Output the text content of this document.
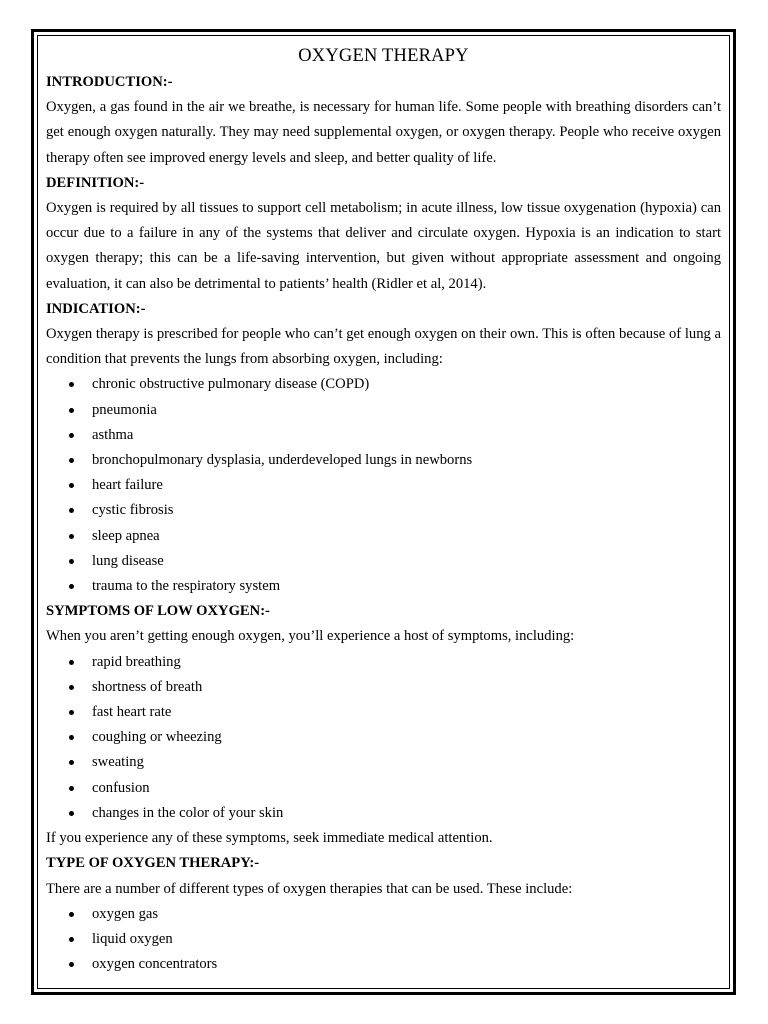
OXYGEN THERAPY

INTRODUCTION:-

Oxygen, a gas found in the air we breathe, is necessary for human life. Some people with breathing disorders can’t get enough oxygen naturally. They may need supplemental oxygen, or oxygen therapy. People who receive oxygen therapy often see improved energy levels and sleep, and better quality of life.

DEFINITION:-

Oxygen is required by all tissues to support cell metabolism; in acute illness, low tissue oxygenation (hypoxia) can occur due to a failure in any of the systems that deliver and circulate oxygen. Hypoxia is an indication to start oxygen therapy; this can be a life-saving intervention, but given without appropriate assessment and ongoing evaluation, it can also be detrimental to patients’ health (Ridler et al, 2014).

INDICATION:-

Oxygen therapy is prescribed for people who can’t get enough oxygen on their own. This is often because of lung a condition that prevents the lungs from absorbing oxygen, including:

chronic obstructive pulmonary disease (COPD)
pneumonia
asthma
bronchopulmonary dysplasia, underdeveloped lungs in newborns
heart failure
cystic fibrosis
sleep apnea
lung disease
trauma to the respiratory system

SYMPTOMS OF LOW OXYGEN:-

When you aren’t getting enough oxygen, you’ll experience a host of symptoms, including:

rapid breathing
shortness of breath
fast heart rate
coughing or wheezing
sweating
confusion
changes in the color of your skin

If you experience any of these symptoms, seek immediate medical attention.

TYPE OF OXYGEN THERAPY:-

There are a number of different types of oxygen therapies that can be used. These include:

oxygen gas
liquid oxygen
oxygen concentrators
